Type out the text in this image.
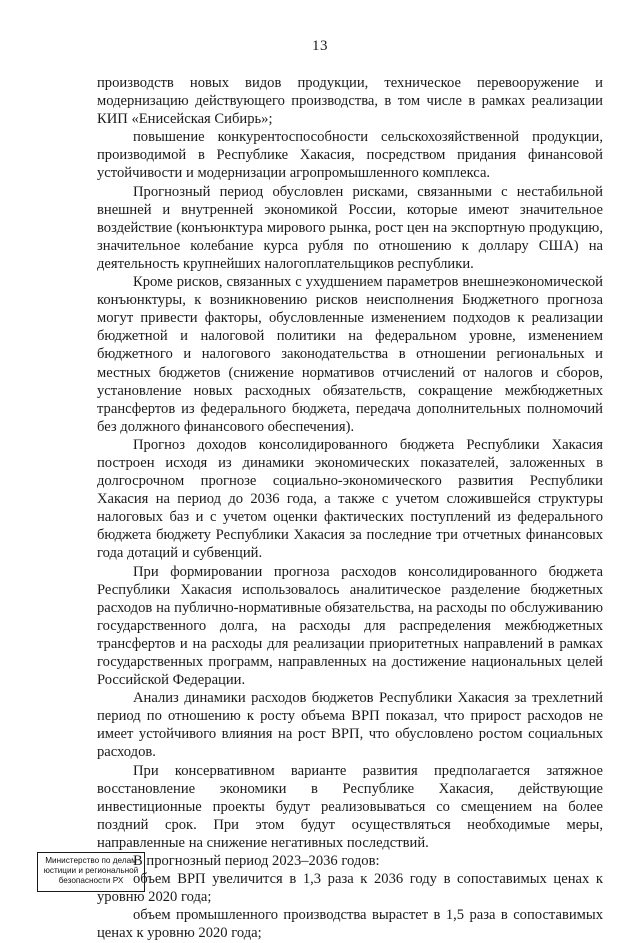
13

производств новых видов продукции, техническое перевооружение и модернизацию действующего производства, в том числе в рамках реализации КИП «Енисейская Сибирь»;

повышение конкурентоспособности сельскохозяйственной продукции, производимой в Республике Хакасия, посредством придания финансовой устойчивости и модернизации агропромышленного комплекса.

Прогнозный период обусловлен рисками, связанными с нестабильной внешней и внутренней экономикой России, которые имеют значительное воздействие (конъюнктура мирового рынка, рост цен на экспортную продукцию, значительное колебание курса рубля по отношению к доллару США) на деятельность крупнейших налогоплательщиков республики.

Кроме рисков, связанных с ухудшением параметров внешнеэкономической конъюнктуры, к возникновению рисков неисполнения Бюджетного прогноза могут привести факторы, обусловленные изменением подходов к реализации бюджетной и налоговой политики на федеральном уровне, изменением бюджетного и налогового законодательства в отношении региональных и местных бюджетов (снижение нормативов отчислений от налогов и сборов, установление новых расходных обязательств, сокращение межбюджетных трансфертов из федерального бюджета, передача дополнительных полномочий без должного финансового обеспечения).

Прогноз доходов консолидированного бюджета Республики Хакасия построен исходя из динамики экономических показателей, заложенных в долгосрочном прогнозе социально-экономического развития Республики Хакасия на период до 2036 года, а также с учетом сложившейся структуры налоговых баз и с учетом оценки фактических поступлений из федерального бюджета бюджету Республики Хакасия за последние три отчетных финансовых года дотаций и субвенций.

При формировании прогноза расходов консолидированного бюджета Республики Хакасия использовалось аналитическое разделение бюджетных расходов на публично-нормативные обязательства, на расходы по обслуживанию государственного долга, на расходы для распределения межбюджетных трансфертов и на расходы для реализации приоритетных направлений в рамках государственных программ, направленных на достижение национальных целей Российской Федерации.

Анализ динамики расходов бюджетов Республики Хакасия за трехлетний период по отношению к росту объема ВРП показал, что прирост расходов не имеет устойчивого влияния на рост ВРП, что обусловлено ростом социальных расходов.

При консервативном варианте развития предполагается затяжное восстановление экономики в Республике Хакасия, действующие инвестиционные проекты будут реализовываться со смещением на более поздний срок. При этом будут осуществляться необходимые меры, направленные на снижение негативных последствий.

В прогнозный период 2023–2036 годов:

объем ВРП увеличится в 1,3 раза к 2036 году в сопоставимых ценах к уровню 2020 года;

объем промышленного производства вырастет в 1,5 раза в сопоставимых ценах к уровню 2020 года;

Министерство по делам
юстиции и региональной
безопасности РХ
